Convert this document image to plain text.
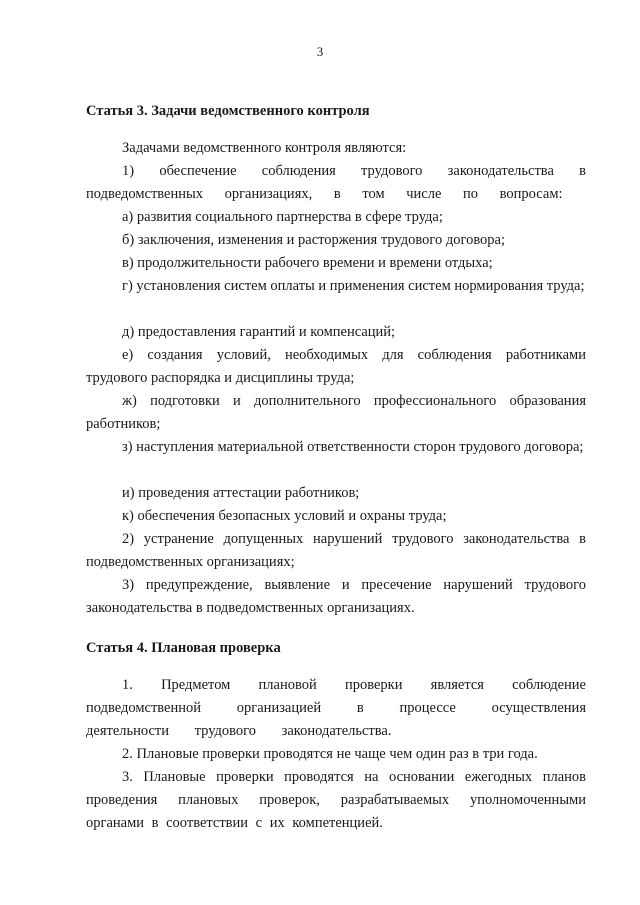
3
Статья 3. Задачи ведомственного контроля
Задачами ведомственного контроля являются:
1) обеспечение соблюдения трудового законодательства в подведомственных организациях, в том числе по вопросам:
а) развития социального партнерства в сфере труда;
б) заключения, изменения и расторжения трудового договора;
в) продолжительности рабочего времени и времени отдыха;
г) установления систем оплаты и применения систем нормирования труда;
д) предоставления гарантий и компенсаций;
е) создания условий, необходимых для соблюдения работниками трудового распорядка и дисциплины труда;
ж) подготовки и дополнительного профессионального образования работников;
з) наступления материальной ответственности сторон трудового договора;
и) проведения аттестации работников;
к) обеспечения безопасных условий и охраны труда;
2) устранение допущенных нарушений трудового законодательства в подведомственных организациях;
3) предупреждение, выявление и пресечение нарушений трудового законодательства в подведомственных организациях.
Статья 4. Плановая проверка
1. Предметом плановой проверки является соблюдение подведомственной организацией в процессе осуществления деятельности трудового законодательства.
2. Плановые проверки проводятся не чаще чем один раз в три года.
3. Плановые проверки проводятся на основании ежегодных планов проведения плановых проверок, разрабатываемых уполномоченными органами в соответствии с их компетенцией.
